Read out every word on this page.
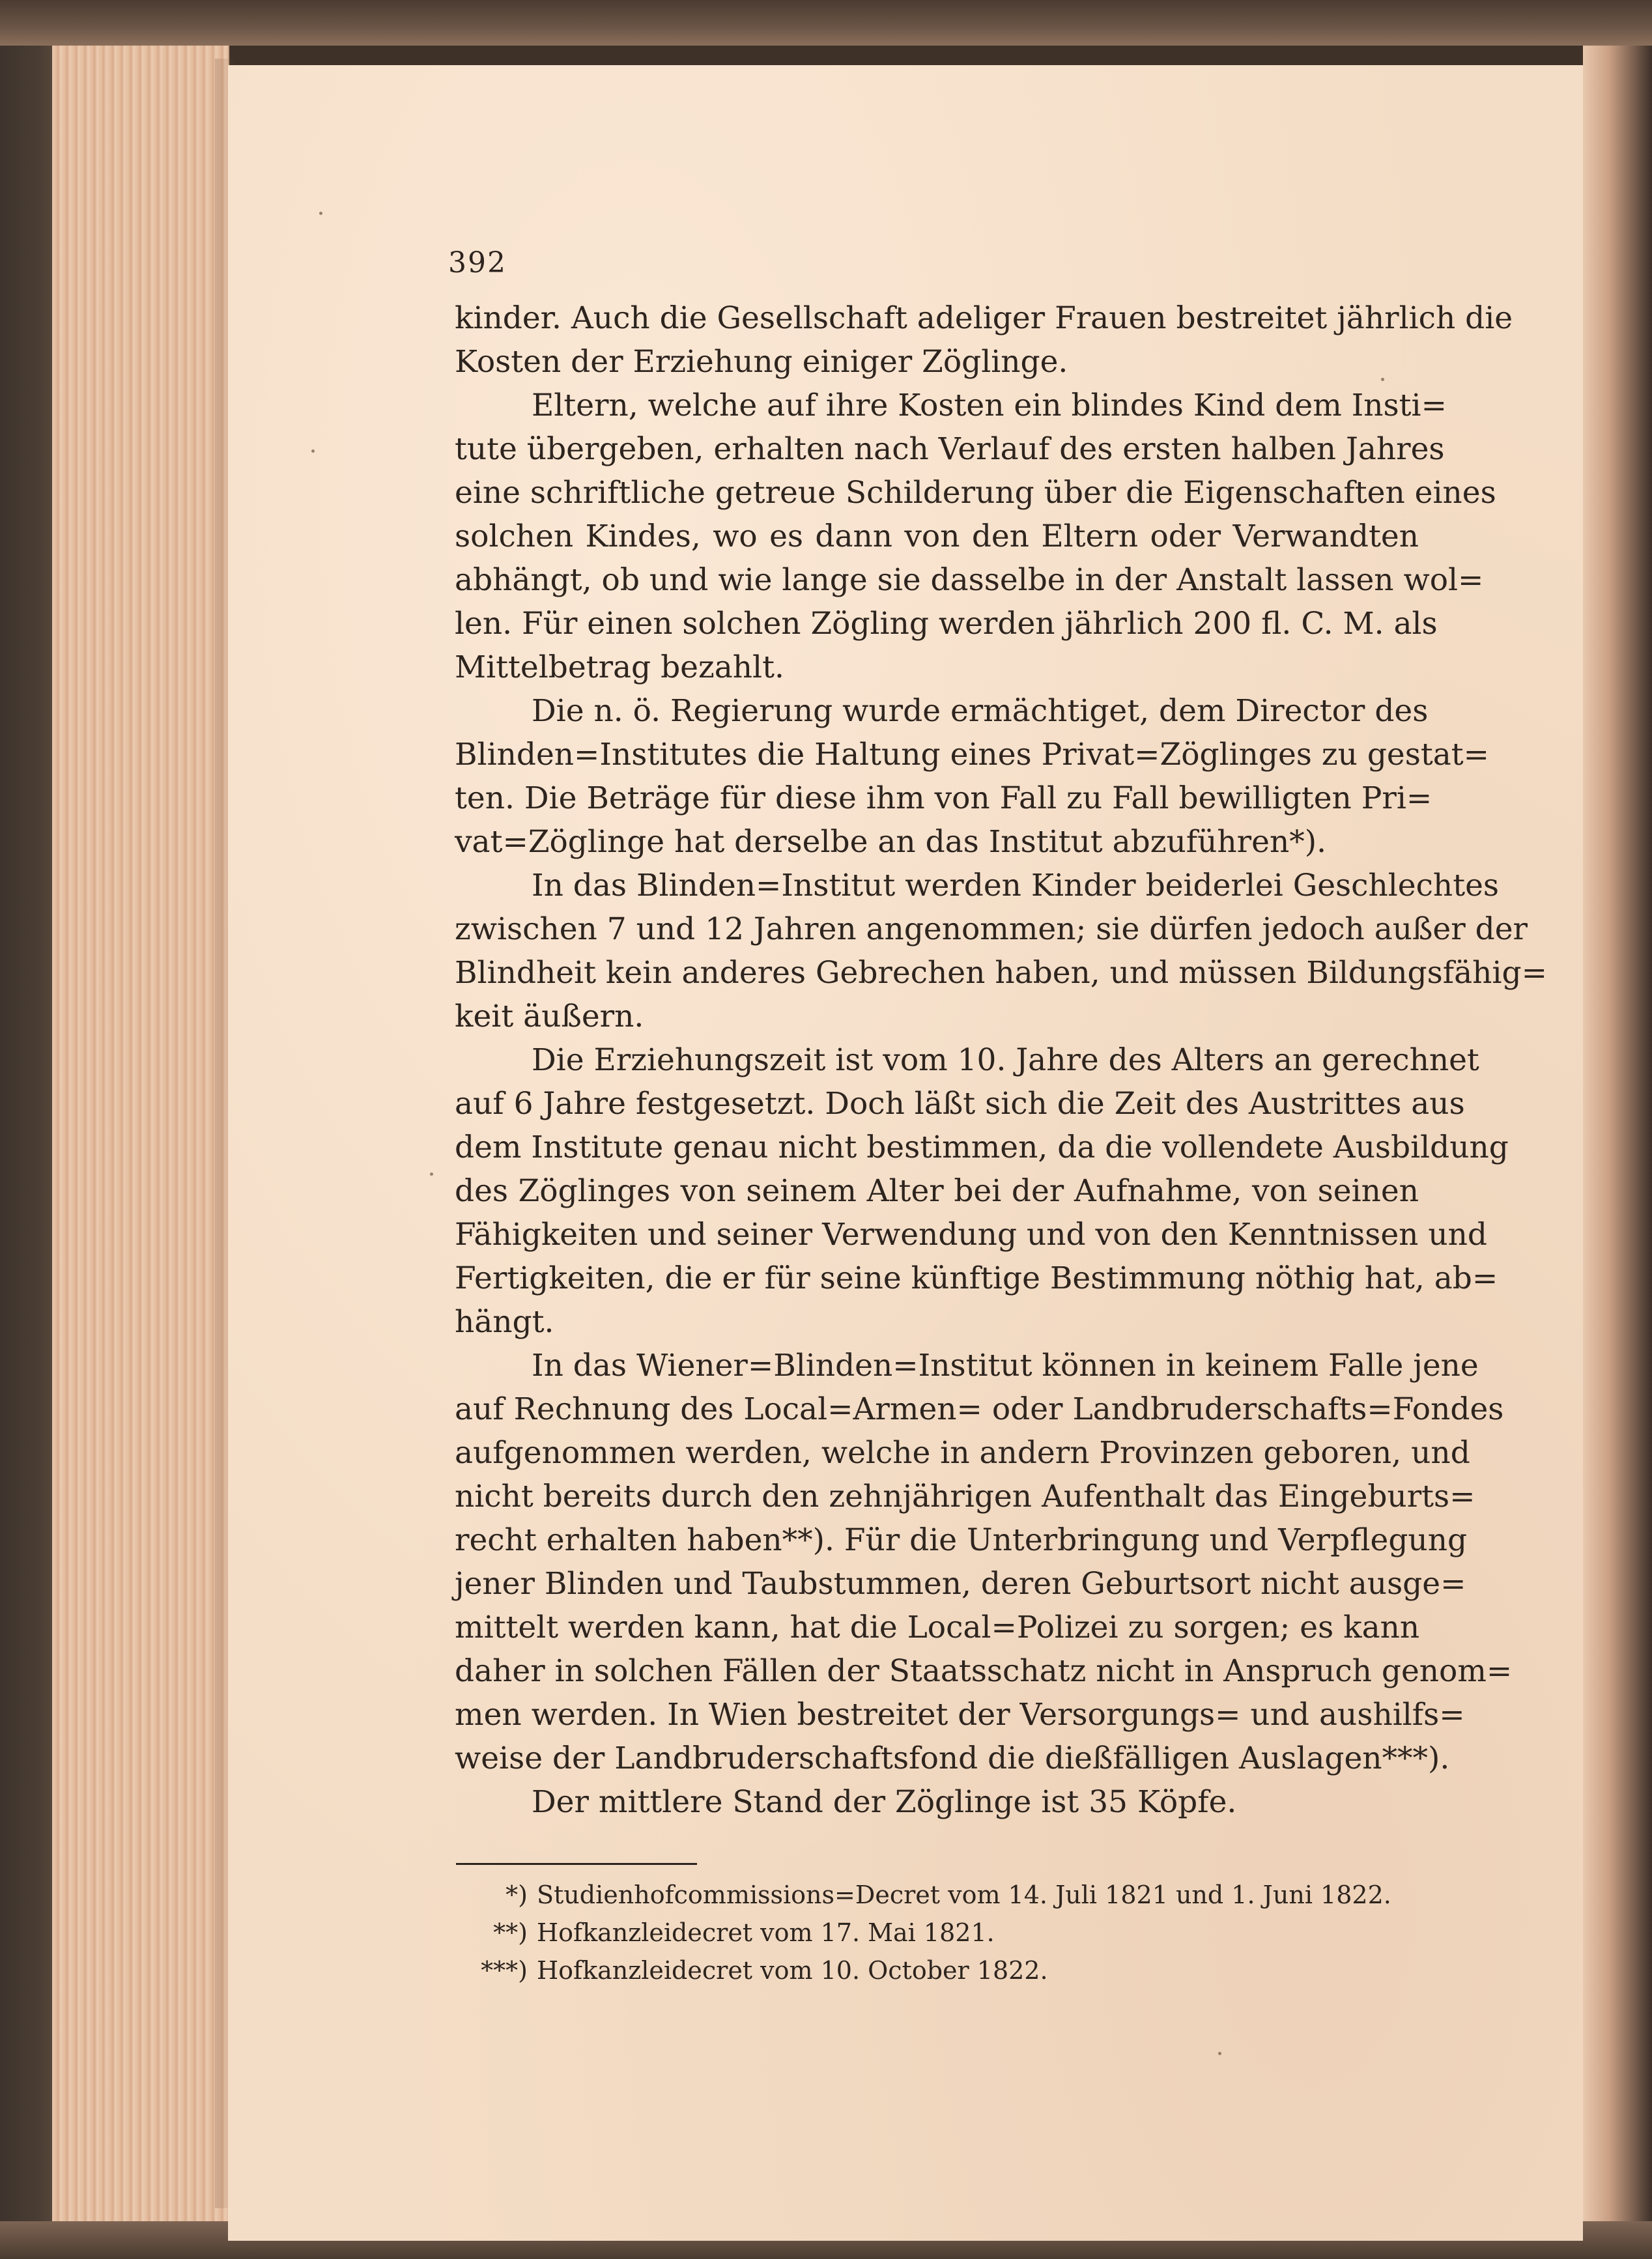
392
kinder. Auch die Gesellschaft adeliger Frauen bestreitet jährlich die
Kosten der Erziehung einiger Zöglinge.
Eltern, welche auf ihre Kosten ein blindes Kind dem Insti=
tute übergeben, erhalten nach Verlauf des ersten halben Jahres
eine schriftliche getreue Schilderung über die Eigenschaften eines
solchen Kindes, wo es dann von den Eltern oder Verwandten
abhängt, ob und wie lange sie dasselbe in der Anstalt lassen wol=
len. Für einen solchen Zögling werden jährlich 200 fl. C. M. als
Mittelbetrag bezahlt.
Die n. ö. Regierung wurde ermächtiget, dem Director des
Blinden=Institutes die Haltung eines Privat=Zöglinges zu gestat=
ten. Die Beträge für diese ihm von Fall zu Fall bewilligten Pri=
vat=Zöglinge hat derselbe an das Institut abzuführen*).
In das Blinden=Institut werden Kinder beiderlei Geschlechtes
zwischen 7 und 12 Jahren angenommen; sie dürfen jedoch außer der
Blindheit kein anderes Gebrechen haben, und müssen Bildungsfähig=
keit äußern.
Die Erziehungszeit ist vom 10. Jahre des Alters an gerechnet
auf 6 Jahre festgesetzt. Doch läßt sich die Zeit des Austrittes aus
dem Institute genau nicht bestimmen, da die vollendete Ausbildung
des Zöglinges von seinem Alter bei der Aufnahme, von seinen
Fähigkeiten und seiner Verwendung und von den Kenntnissen und
Fertigkeiten, die er für seine künftige Bestimmung nöthig hat, ab=
hängt.
In das Wiener=Blinden=Institut können in keinem Falle jene
auf Rechnung des Local=Armen= oder Landbruderschafts=Fondes
aufgenommen werden, welche in andern Provinzen geboren, und
nicht bereits durch den zehnjährigen Aufenthalt das Eingeburts=
recht erhalten haben**). Für die Unterbringung und Verpflegung
jener Blinden und Taubstummen, deren Geburtsort nicht ausge=
mittelt werden kann, hat die Local=Polizei zu sorgen; es kann
daher in solchen Fällen der Staatsschatz nicht in Anspruch genom=
men werden. In Wien bestreitet der Versorgungs= und aushilfs=
weise der Landbruderschaftsfond die dießfälligen Auslagen***).
Der mittlere Stand der Zöglinge ist 35 Köpfe.
*) Studienhofcommissions=Decret vom 14. Juli 1821 und 1. Juni 1822.
**) Hofkanzleidecret vom 17. Mai 1821.
***) Hofkanzleidecret vom 10. October 1822.
